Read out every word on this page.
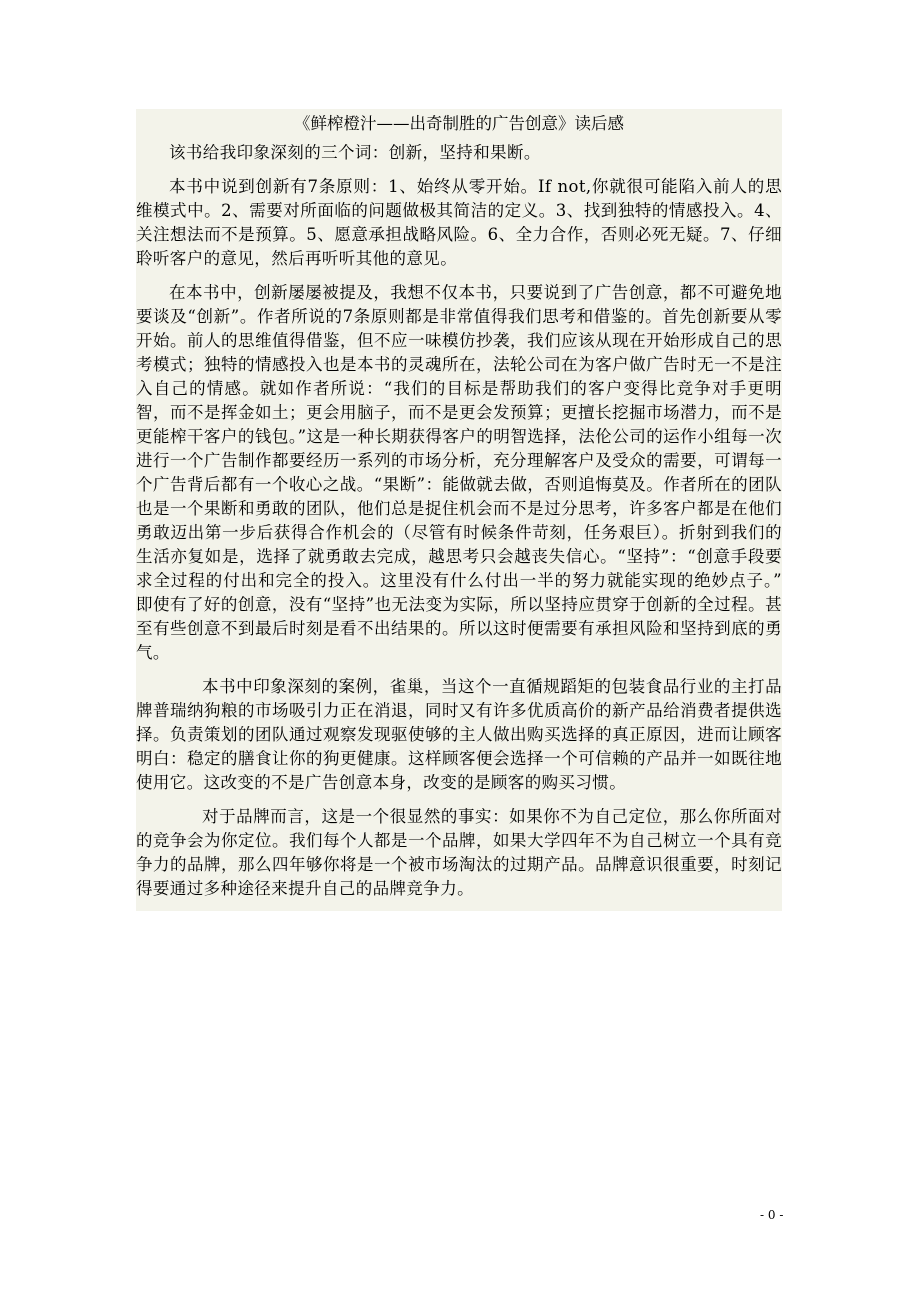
《鲜榨橙汁——出奇制胜的广告创意》读后感

该书给我印象深刻的三个词：创新，坚持和果断。

本书中说到创新有7条原则：1、始终从零开始。If not,你就很可能陷入前人的思维模式中。2、需要对所面临的问题做极其简洁的定义。3、找到独特的情感投入。4、关注想法而不是预算。5、愿意承担战略风险。6、全力合作，否则必死无疑。7、仔细聆听客户的意见，然后再听听其他的意见。

在本书中，创新屡屡被提及，我想不仅本书，只要说到了广告创意，都不可避免地要谈及“创新”。作者所说的7条原则都是非常值得我们思考和借鉴的。首先创新要从零开始。前人的思维值得借鉴，但不应一味模仿抄袭，我们应该从现在开始形成自己的思考模式；独特的情感投入也是本书的灵魂所在，法轮公司在为客户做广告时无一不是注入自己的情感。就如作者所说：“我们的目标是帮助我们的客户变得比竞争对手更明智，而不是挥金如土；更会用脑子，而不是更会发预算；更擅长挖掘市场潜力，而不是更能榨干客户的钱包。”这是一种长期获得客户的明智选择，法伦公司的运作小组每一次进行一个广告制作都要经历一系列的市场分析，充分理解客户及受众的需要，可谓每一个广告背后都有一个收心之战。“果断”：能做就去做，否则追悔莫及。作者所在的团队也是一个果断和勇敢的团队，他们总是捉住机会而不是过分思考，许多客户都是在他们勇敢迈出第一步后获得合作机会的（尽管有时候条件苛刻，任务艰巨）。折射到我们的生活亦复如是，选择了就勇敢去完成，越思考只会越丧失信心。“坚持”：“创意手段要求全过程的付出和完全的投入。这里没有什么付出一半的努力就能实现的绝妙点子。” 即使有了好的创意，没有“坚持”也无法变为实际，所以坚持应贯穿于创新的全过程。甚至有些创意不到最后时刻是看不出结果的。所以这时便需要有承担风险和坚持到底的勇气。

本书中印象深刻的案例，雀巢，当这个一直循规蹈矩的包装食品行业的主打品牌普瑞纳狗粮的市场吸引力正在消退，同时又有许多优质高价的新产品给消费者提供选择。负责策划的团队通过观察发现驱使够的主人做出购买选择的真正原因，进而让顾客明白：稳定的膳食让你的狗更健康。这样顾客便会选择一个可信赖的产品并一如既往地使用它。这改变的不是广告创意本身，改变的是顾客的购买习惯。

对于品牌而言，这是一个很显然的事实：如果你不为自己定位，那么你所面对的竞争会为你定位。我们每个人都是一个品牌，如果大学四年不为自己树立一个具有竞争力的品牌，那么四年够你将是一个被市场淘汰的过期产品。品牌意识很重要，时刻记得要通过多种途径来提升自己的品牌竞争力。

- 0 -
